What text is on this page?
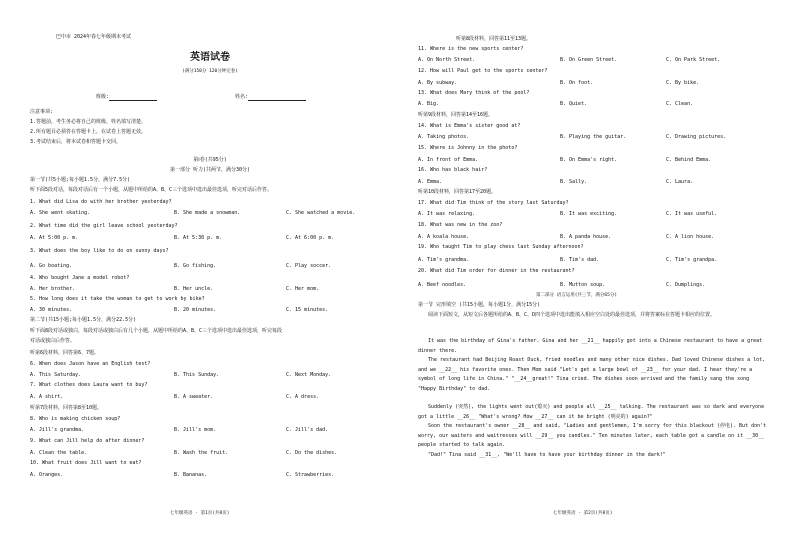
巴中市 2024年春七年级期末考试
英语试卷
(满分150分 120分钟完卷)
班级:	姓名:
注意事项:
1.答题前，考生务必将自己的班级、姓名填写清楚。
2.所有题目必须答在答题卡上，在试卷上答题无效。
3.考试结束后，将本试卷和答题卡交回。
第Ⅰ卷(共95分)
第一部分 听力(共两节，满分30分)
第一节(共5小题;每小题1.5分，满分7.5分)
听下面5段对话，每段对话后有一个小题，从题中所给的A、B、C三个选项中选出最佳选项，听完对话后作答。
1. What did Lisa do with her brother yesterday?
A. She went skating.	B. She made a snowman.	C. She watched a movie.
2. What time did the girl leave school yesterday?
A. At 5:00 p. m.	B. At 5:30 p. m.	C. At 6:00 p. m.
3. What does the boy like to do on sunny days?
A. Go boating.	B. Go fishing.	C. Play soccer.
4. Who bought Jane a model robot?
A. Her brother.	B. Her uncle.	C. Her mom.
5. How long does it take the woman to get to work by bike?
A. 30 minutes.	B. 20 minutes.	C. 15 minutes.
第二节(共15小题;每小题1.5分，满分22.5分)
听下面8段对话或独白，每段对话或独白后有几个小题，从题中所给的A、B、C三个选项中选出最佳选项，听完每段
对话或独白后作答。
听第6段材料，回答第6、7题。
6. When does Jason have an English test?
A. This Saturday.	B. This Sunday.	C. Next Monday.
7. What clothes does Laura want to buy?
A. A shirt.	B. A sweater.	C. A dress.
听第7段材料，回答第8至10题。
8. Who is making chicken soup?
A. Jill's grandma.	B. Jill's mom.	C. Jill's dad.
9. What can Jill help do after dinner?
A. Clean the table.	B. Wash the fruit.	C. Do the dishes.
10. What fruit does Jill want to eat?
A. Oranges.	B. Bananas.	C. Strawberries.
七年级英语 · 第1页(共8页)
听第8段材料，回答第11至13题。
11. Where is the new sports center?
A. On North Street.	B. On Green Street.	C. On Park Street.
12. How will Paul get to the sports center?
A. By subway.	B. On foot.	C. By bike.
13. What does Mary think of the pool?
A. Big.	B. Quiet.	C. Clean.
听第9段材料，回答第14至16题。
14. What is Emma's sister good at?
A. Taking photos.	B. Playing the guitar.	C. Drawing pictures.
15. Where is Johnny in the photo?
A. In front of Emma.	B. On Emma's right.	C. Behind Emma.
16. Who has black hair?
A. Emma.	B. Sally.	C. Laura.
听第10段材料，回答第17至20题。
17. What did Tim think of the story last Saturday?
A. It was relaxing.	B. It was exciting.	C. It was useful.
18. What was new in the zoo?
A. A koala house.	B. A panda house.	C. A lion house.
19. Who taught Tim to play chess last Sunday afternoon?
A. Tim's grandma.	B. Tim's dad.	C. Tim's grandpa.
20. What did Tim order for dinner in the restaurant?
A. Beef noodles.	B. Mutton soup.	C. Dumplings.
第二部分 语言运用(共三节，满分65分)
第一节 完形填空 (共15小题，每小题1分，满分15分)
阅读下面短文，从短文后各题所给的A、B、C、D四个选项中选出能填入相应空白处的最佳选项，并将答案标在答题卡相应的位置。
It was the birthday of Gina's father. Gina and her __21__ happily got into a Chinese restaurant to have a great dinner there.
The restaurant had Beijing Roast Duck, fried noodles and many other nice dishes. Dad loved Chinese dishes a lot, and we __22__ his favorite ones. Then Mom said "Let's get a large bowl of __23__ for your dad. I hear they're a symbol of long life in China." "__24__great!" Tina cried. The dishes soon arrived and the family sang the song "Happy Birthday" to dad.
Suddenly (突然), the lights went out(熄灭) and people all __25__ talking. The restaurant was so dark and everyone got a little __26__ "What's wrong? How __27__ can it be bright (明亮的) again?"
Soon the restaurant's owner __28__ and said, "Ladies and gentlemen, I'm sorry for this blackout (停电). But don't worry, our waiters and waitresses will __29__ you candles." Ten minutes later, each table got a candle on it __30__ people started to talk again.
"Dad!" Tina said __31__, "We'll have to have your birthday dinner in the dark!"
七年级英语 · 第2页(共8页)
